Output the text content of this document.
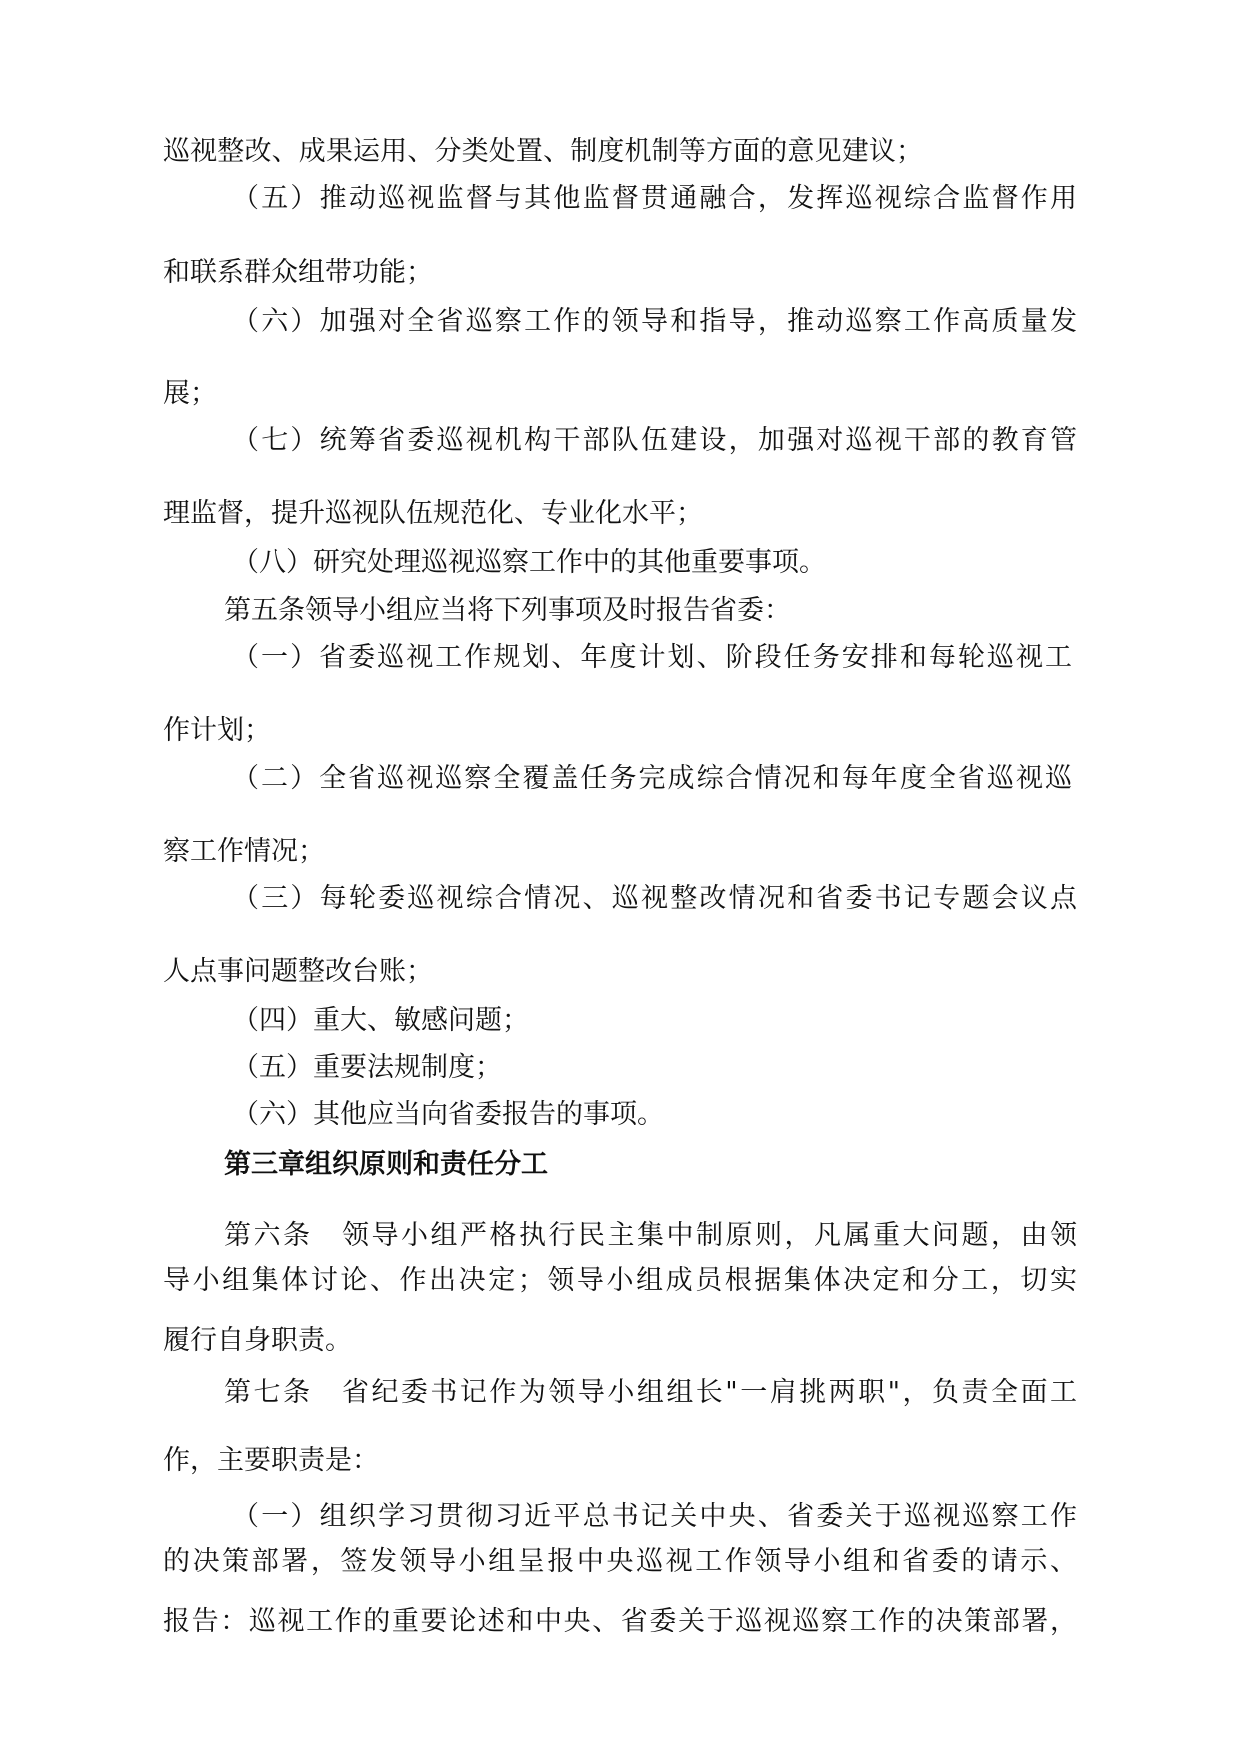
巡视整改、成果运用、分类处置、制度机制等方面的意见建议；

（五）推动巡视监督与其他监督贯通融合，发挥巡视综合监督作用

和联系群众组带功能；

（六）加强对全省巡察工作的领导和指导，推动巡察工作高质量发

展；

（七）统筹省委巡视机构干部队伍建设，加强对巡视干部的教育管

理监督，提升巡视队伍规范化、专业化水平；

（八）研究处理巡视巡察工作中的其他重要事项。

第五条领导小组应当将下列事项及时报告省委：

（一）省委巡视工作规划、年度计划、阶段任务安排和每轮巡视工

作计划；

（二）全省巡视巡察全覆盖任务完成综合情况和每年度全省巡视巡

察工作情况；

（三）每轮委巡视综合情况、巡视整改情况和省委书记专题会议点

人点事问题整改台账；

（四）重大、敏感问题；

（五）重要法规制度；

（六）其他应当向省委报告的事项。

第三章组织原则和责任分工

第六条　领导小组严格执行民主集中制原则，凡属重大问题，由领

导小组集体讨论、作出决定；领导小组成员根据集体决定和分工，切实

履行自身职责。

第七条　省纪委书记作为领导小组组长"一肩挑两职"，负责全面工

作，主要职责是：

（一）组织学习贯彻习近平总书记关中央、省委关于巡视巡察工作

的决策部署，签发领导小组呈报中央巡视工作领导小组和省委的请示、

报告：巡视工作的重要论述和中央、省委关于巡视巡察工作的决策部署，
